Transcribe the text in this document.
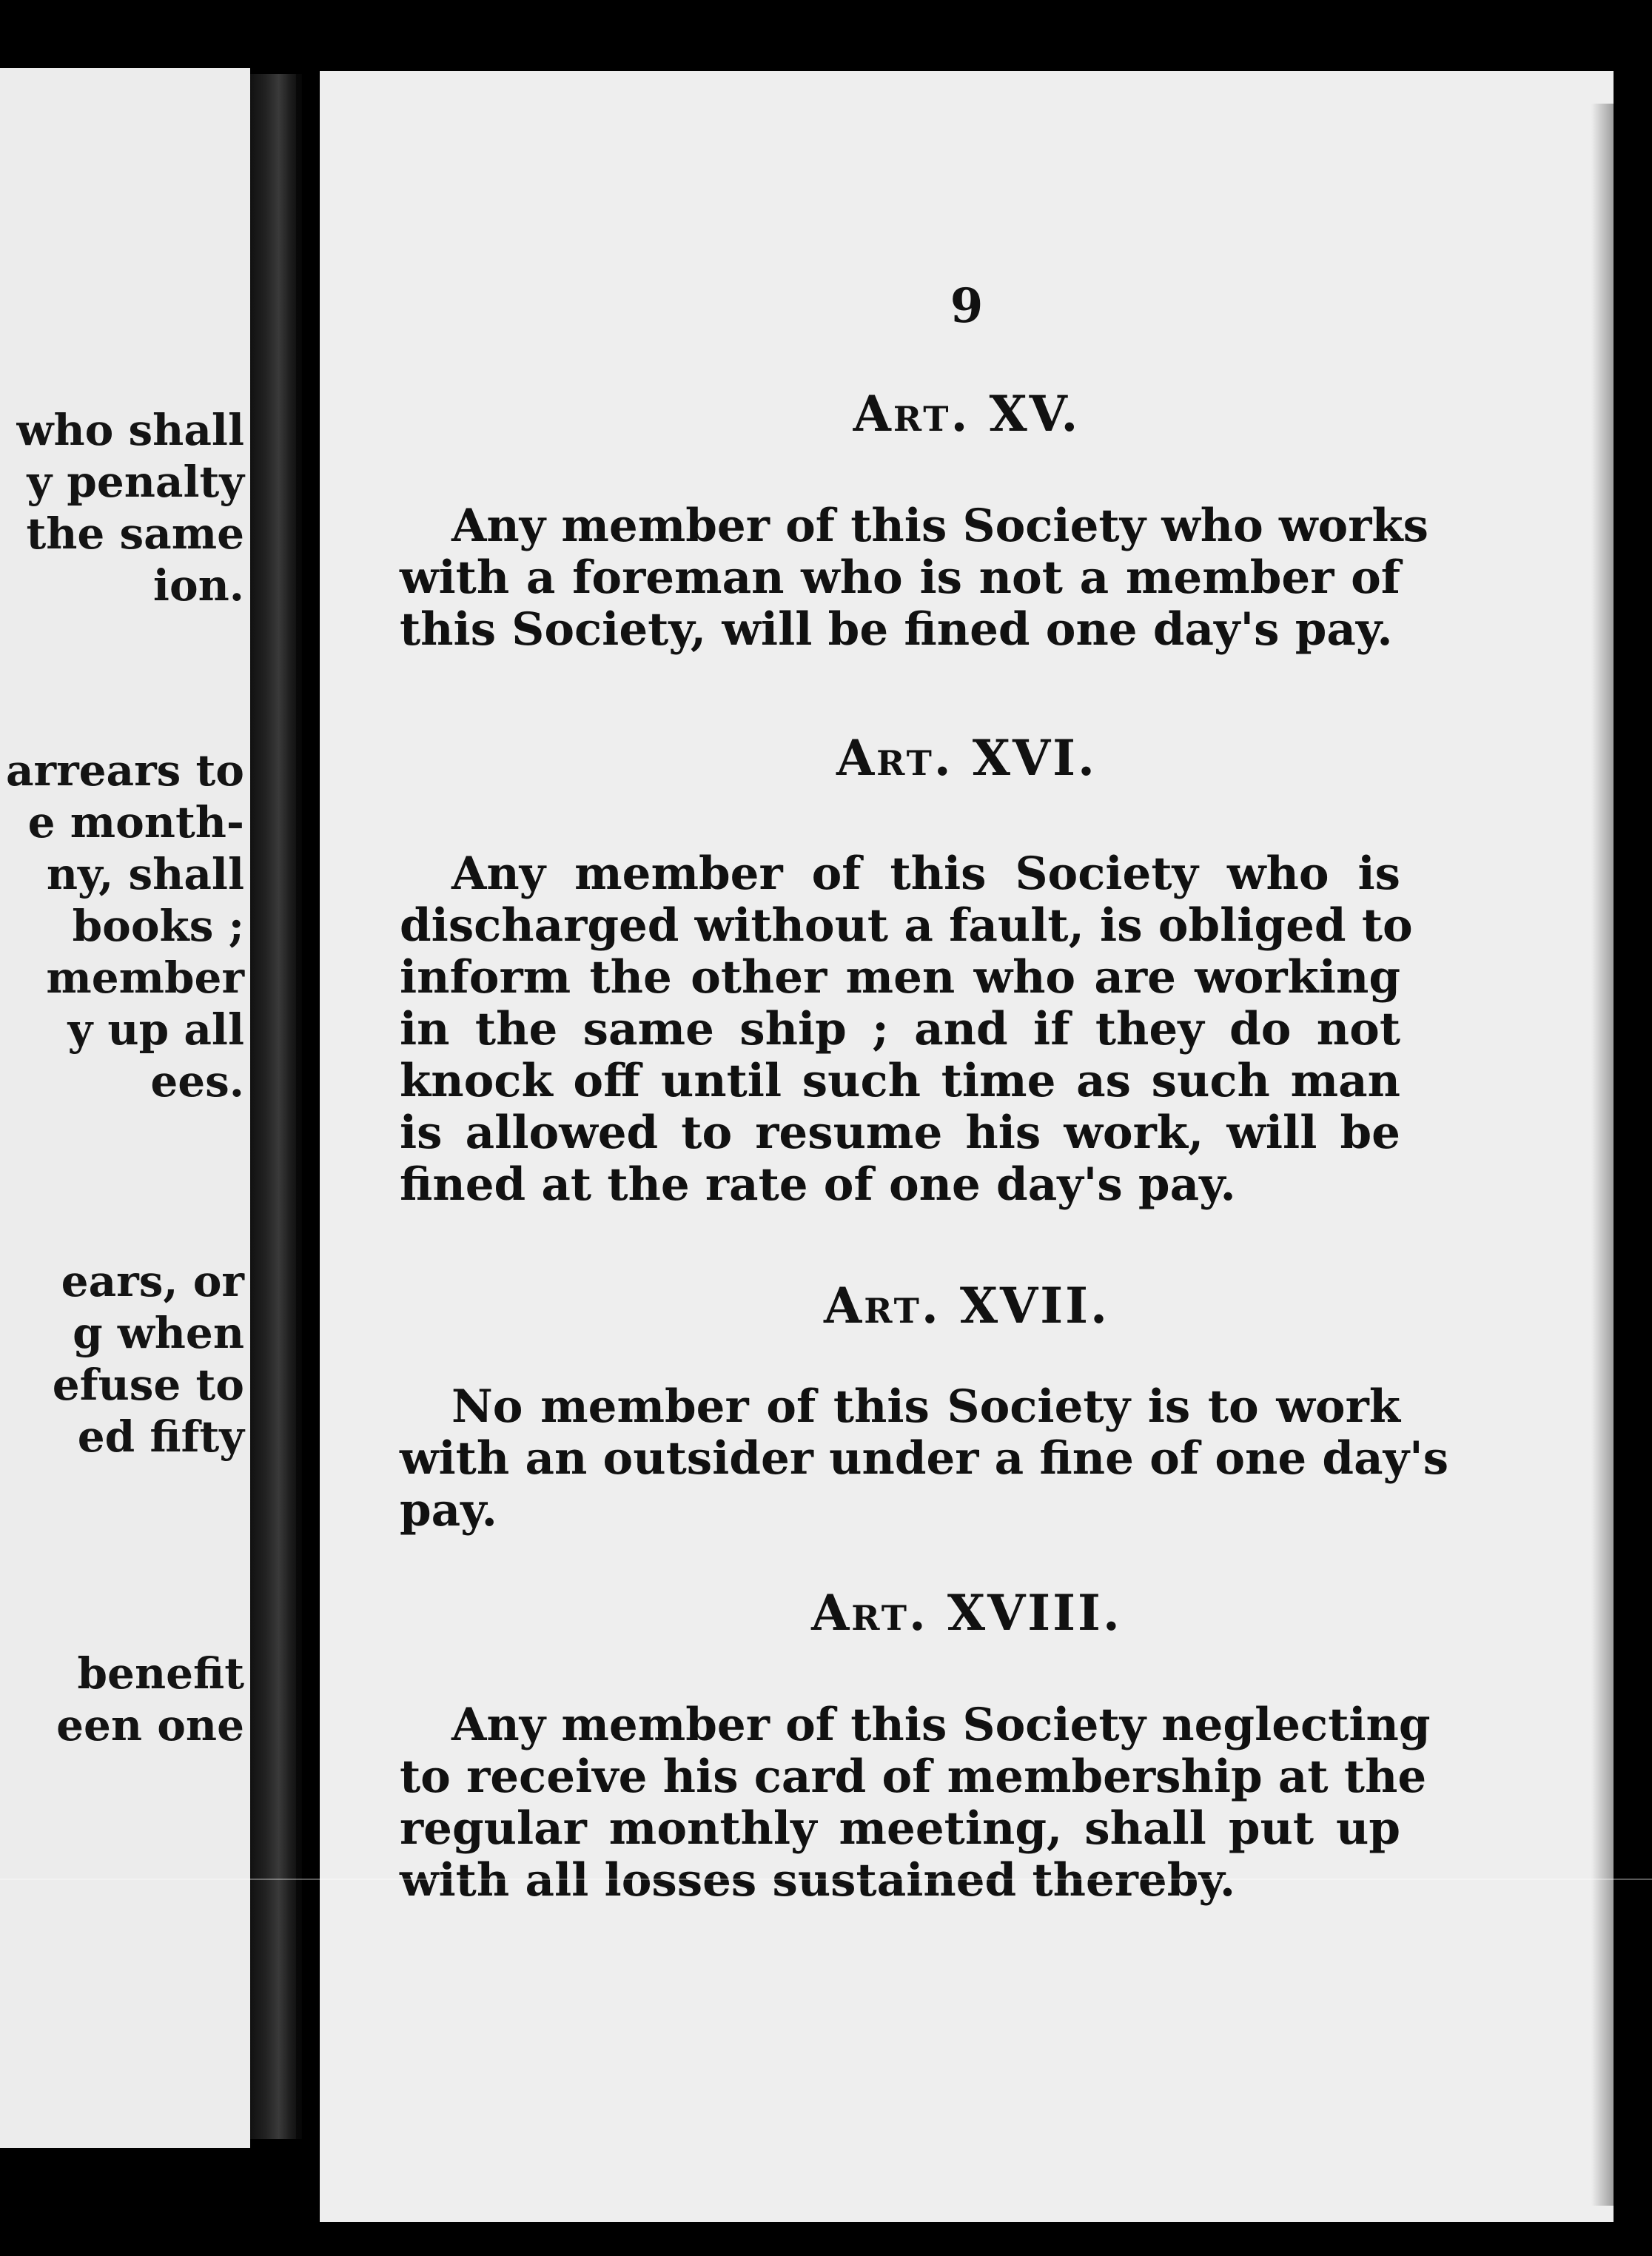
who shall
y penalty
the same
ion.
arrears to
e month-
ny, shall
books ;
member
y up all
ees.
ears, or
g when
efuse to
ed fifty
benefit
een one
9
Art. XV.
Any member of this Society who works
with a foreman who is not a member of
this Society, will be fined one day's pay.
Art. XVI.
Any member of this Society who is
discharged without a fault, is obliged to
inform the other men who are working
in the same ship ; and if they do not
knock off until such time as such man
is allowed to resume his work, will be
fined at the rate of one day's pay.
Art. XVII.
No member of this Society is to work
with an outsider under a fine of one day's
pay.
Art. XVIII.
Any member of this Society neglecting
to receive his card of membership at the
regular monthly meeting, shall put up
with all losses sustained thereby.
